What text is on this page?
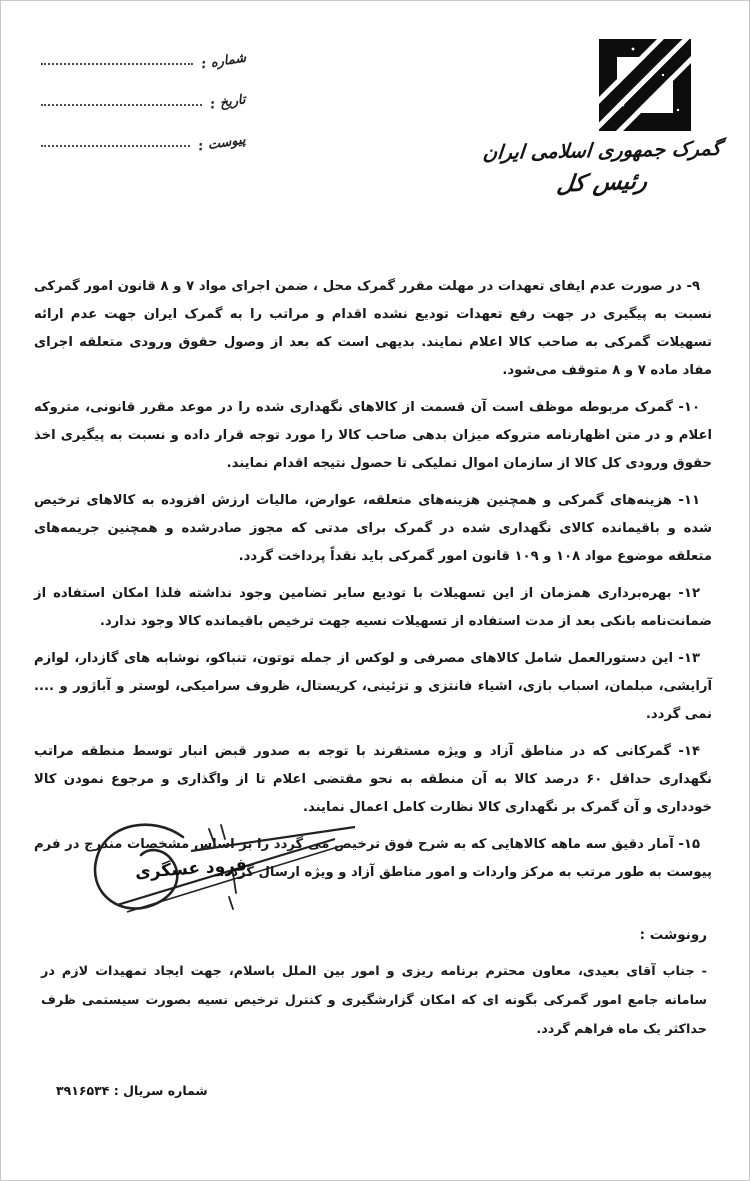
شماره :
تاریخ :
پیوست :	گمرک جمهوری اسلامی ایران
رئیس کل

۹- در صورت عدم ایفای تعهدات در مهلت مقرر گمرک محل ، ضمن اجرای مواد ۷ و ۸ قانون امور گمرکی نسبت به پیگیری در جهت رفع تعهدات تودیع نشده اقدام و مراتب را به گمرک ایران جهت عدم ارائه تسهیلات گمرکی به صاحب کالا اعلام نمایند. بدیهی است که بعد از وصول حقوق ورودی متعلقه اجرای مفاد ماده ۷ و ۸ متوقف می‌شود.

۱۰- گمرک مربوطه موظف است آن قسمت از کالاهای نگهداری شده را در موعد مقرر قانونی، متروکه اعلام و در متن اظهارنامه متروکه میزان بدهی صاحب کالا را مورد توجه قرار داده و نسبت به پیگیری اخذ حقوق ورودی کل کالا از سازمان اموال تملیکی تا حصول نتیجه اقدام نمایند.

۱۱- هزینه‌های گمرکی و همچنین هزینه‌های متعلقه، عوارض، مالیات ارزش افزوده به کالاهای ترخیص شده و باقیمانده کالای نگهداری شده در گمرک برای مدتی که مجوز صادرشده و همچنین جریمه‌های متعلقه موضوع مواد ۱۰۸ و ۱۰۹ قانون امور گمرکی باید نقداً پرداخت گردد.

۱۲- بهره‌برداری همزمان از این تسهیلات با تودیع سایر تضامین وجود نداشته فلذا امکان استفاده از ضمانت‌نامه بانکی بعد از مدت استفاده از تسهیلات نسیه جهت ترخیص باقیمانده کالا وجود ندارد.

۱۳- این دستورالعمل شامل کالاهای مصرفی و لوکس از جمله توتون، تنباکو، نوشابه های گازدار، لوازم آرایشی، مبلمان، اسباب بازی، اشیاء فانتزی و تزئینی، کریستال، ظروف سرامیکی، لوستر و آباژور و .... نمی گردد.

۱۴- گمرکانی که در مناطق آزاد و ویژه مستقرند با توجه به صدور قبض انبار توسط منطقه مراتب نگهداری حداقل ۶۰ درصد کالا به آن منطقه به نحو مقتضی اعلام تا از واگذاری و مرجوع نمودن کالا خودداری و آن گمرک بر نگهداری کالا نظارت کامل اعمال نمایند.

۱۵- آمار دقیق سه ماهه کالاهایی که به شرح فوق ترخیص می گردد را بر اساس مشخصات مندرج در فرم پیوست به طور مرتب به مرکز واردات و امور مناطق آزاد و ویژه ارسال گردد.

فرود عسگری
رونوشت :

- جناب آقای بعیدی، معاون محترم برنامه ریزی و امور بین الملل باسلام، جهت ایجاد تمهیدات لازم در سامانه جامع امور گمرکی بگونه ای که امکان گزارشگیری و کنترل ترخیص نسیه بصورت سیستمی ظرف حداکثر یک ماه فراهم گردد.

شماره سریال : ۳۹۱۶۵۳۴
